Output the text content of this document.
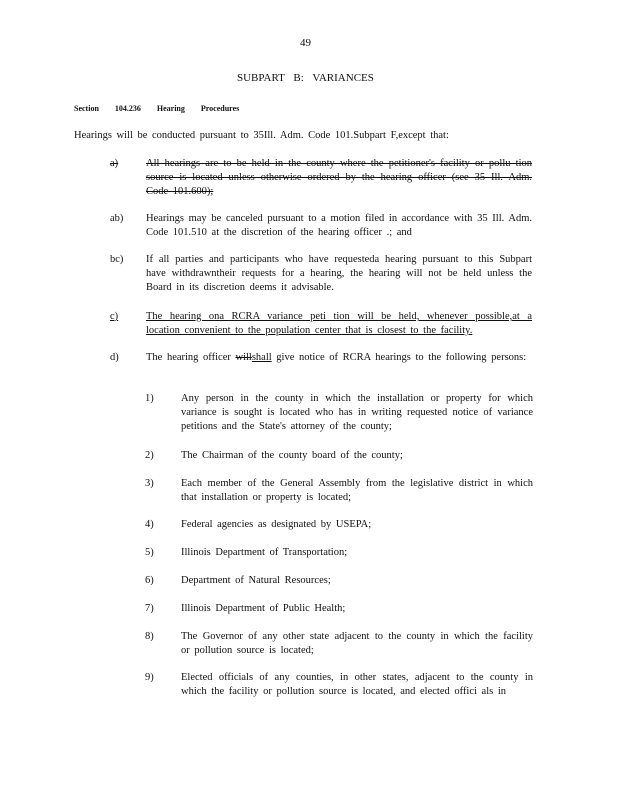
49
SUBPART B: VARIANCES
Section 104.236 Hearing Procedures
Hearings will be conducted pursuant to 35Ill. Adm. Code 101.Subpart F,except that:
a)	All hearings are to be held in the county where the petitioner's facility or pollu tion source is located unless otherwise ordered by the hearing officer (see 35 Ill. Adm. Code 101.600);
ab) Hearings may be canceled pursuant to a motion filed in accordance with 35 Ill. Adm. Code 101.510 at the discretion of the hearing officer .; and
bc) If all parties and participants who have requesteda hearing pursuant to this Subpart have withdrawntheir requests for a hearing, the hearing will not be held unless the Board in its discretion deems it advisable.
c)	The hearing ona RCRA variance peti tion will be held, whenever possible,at a location convenient to the population center that is closest to the facility.
d)	The hearing officer willshall give notice of RCRA hearings to the following persons:
1)	Any person in the county in which the installation or property for which variance is sought is located who has in writing requested notice of variance petitions and the State's attorney of the county;
2)	The Chairman of the county board of the county;
3)	Each member of the General Assembly from the legislative district in which that installation or property is located;
4)	Federal agencies as designated by USEPA;
5)	Illinois Department of Transportation;
6)	Department of Natural Resources;
7)	Illinois Department of Public Health;
8)	The Governor of any other state adjacent to the county in which the facility or pollution source is located;
9)	Elected officials of any counties, in other states, adjacent to the county in which the facility or pollution source is located, and elected offici als in
